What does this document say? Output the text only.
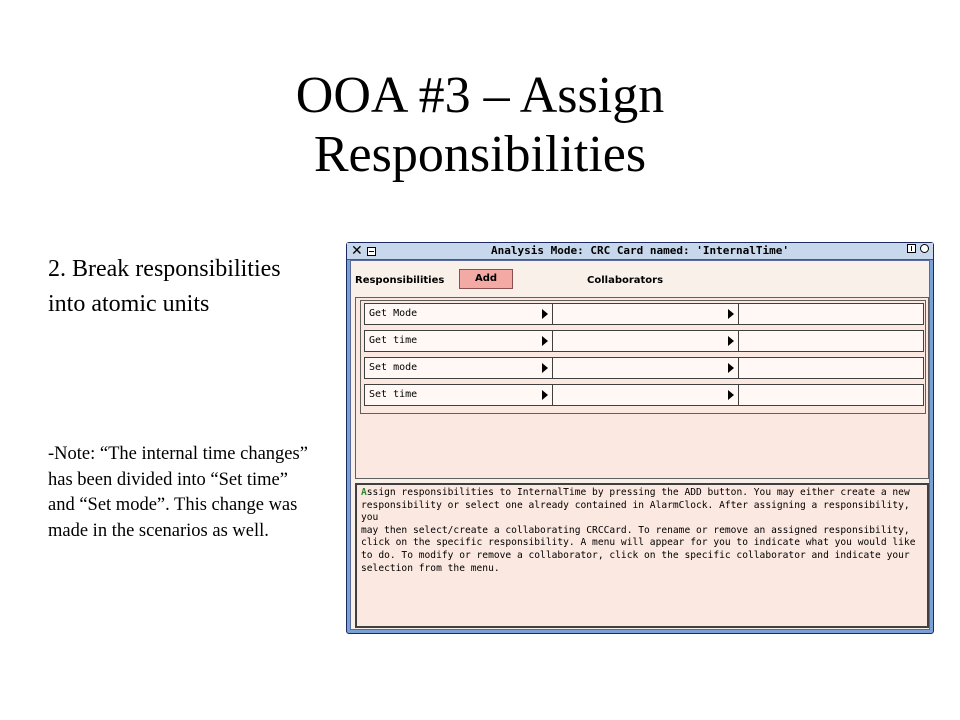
OOA #3 – Assign
Responsibilities
2. Break responsibilities into atomic units
-Note: “The internal time changes” has been divided into “Set time” and “Set mode”. This change was made in the scenarios as well.
✕	Analysis Mode: CRC Card named: 'InternalTime'
Responsibilities	Add	Collaborators
Get Mode
Get time
Set mode
Set time

Assign responsibilities to InternalTime by pressing the ADD button. You may either create a new
responsibility or select one already contained in AlarmClock. After assigning a responsibility, you
may then select/create a collaborating CRCCard. To rename or remove an assigned responsibility,
click on the specific responsibility. A menu will appear for you to indicate what you would like
to do. To modify or remove a collaborator, click on the specific collaborator and indicate your
selection from the menu.
